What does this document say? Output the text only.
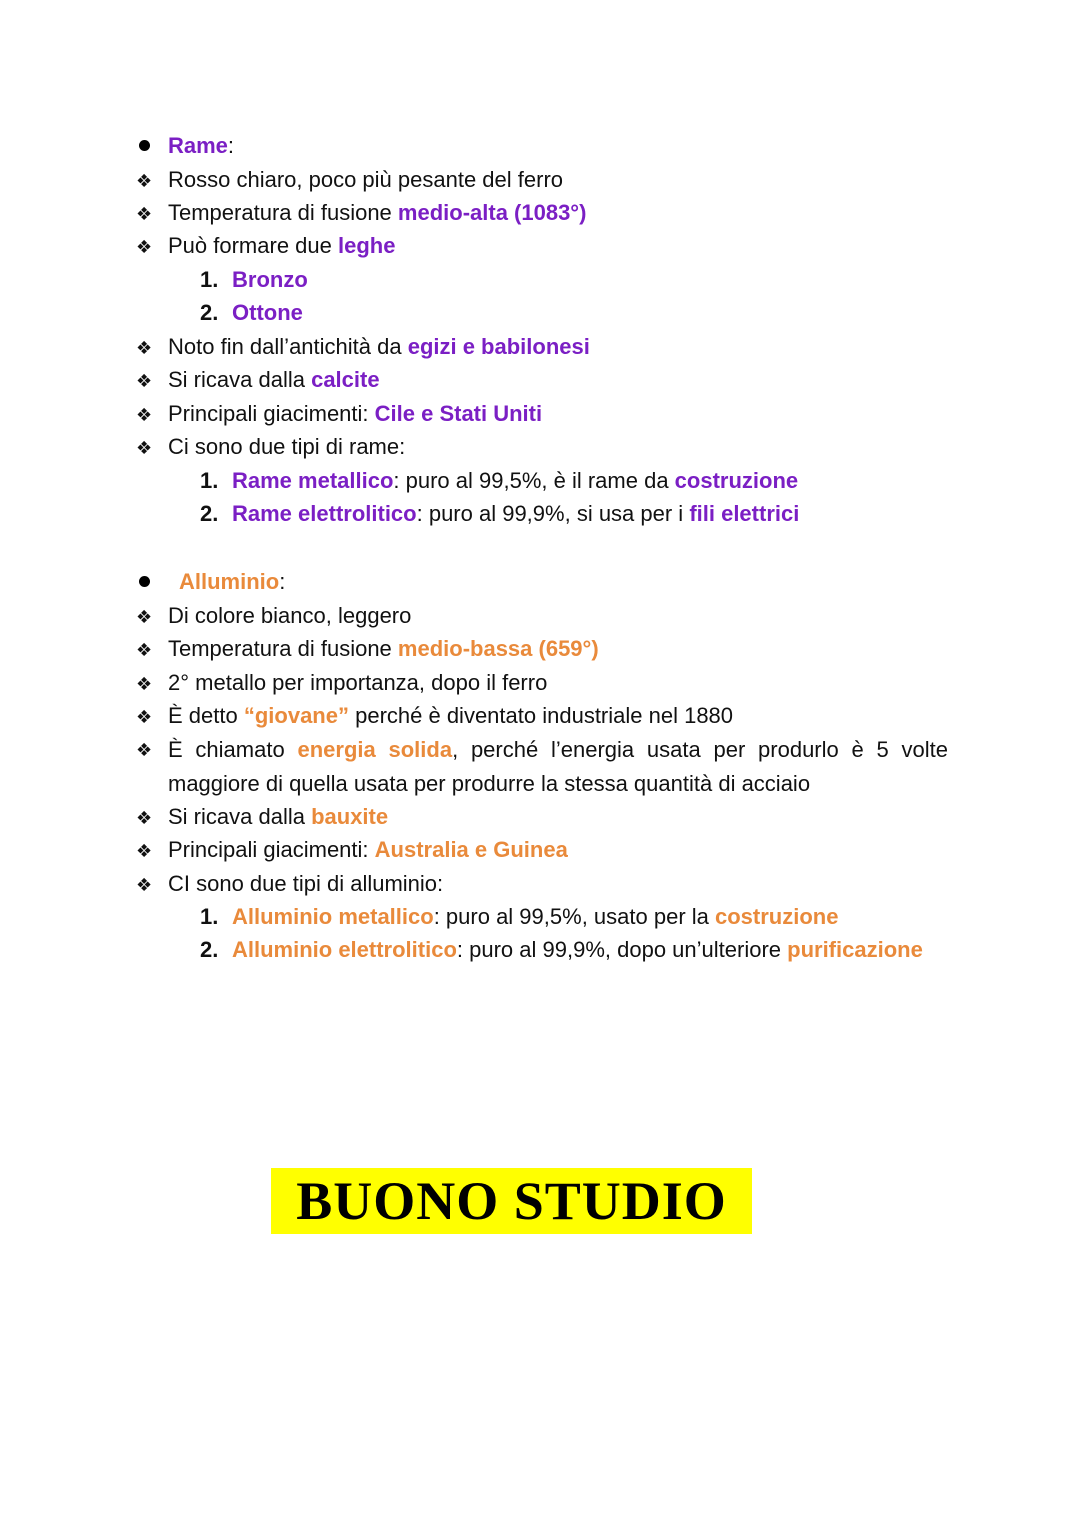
Rame:
❖ Rosso chiaro, poco più pesante del ferro
❖ Temperatura di fusione medio-alta (1083°)
❖ Può formare due leghe
1. Bronzo
2. Ottone
❖ Noto fin dall’antichità da egizi e babilonesi
❖ Si ricava dalla calcite
❖ Principali giacimenti: Cile e Stati Uniti
❖ Ci sono due tipi di rame:
1. Rame metallico: puro al 99,5%, è il rame da costruzione
2. Rame elettrolitico: puro al 99,9%, si usa per i fili elettrici
Alluminio:
❖ Di colore bianco, leggero
❖ Temperatura di fusione medio-bassa (659°)
❖ 2° metallo per importanza, dopo il ferro
❖ È detto “giovane” perché è diventato industriale nel 1880
❖ È chiamato energia solida, perché l’energia usata per produrlo è 5 volte maggiore di quella usata per produrre la stessa quantità di acciaio
❖ Si ricava dalla bauxite
❖ Principali giacimenti: Australia e Guinea
❖ CI sono due tipi di alluminio:
1. Alluminio metallico: puro al 99,5%, usato per la costruzione
2. Alluminio elettrolitico: puro al 99,9%, dopo un’ulteriore purificazione
BUONO STUDIO
